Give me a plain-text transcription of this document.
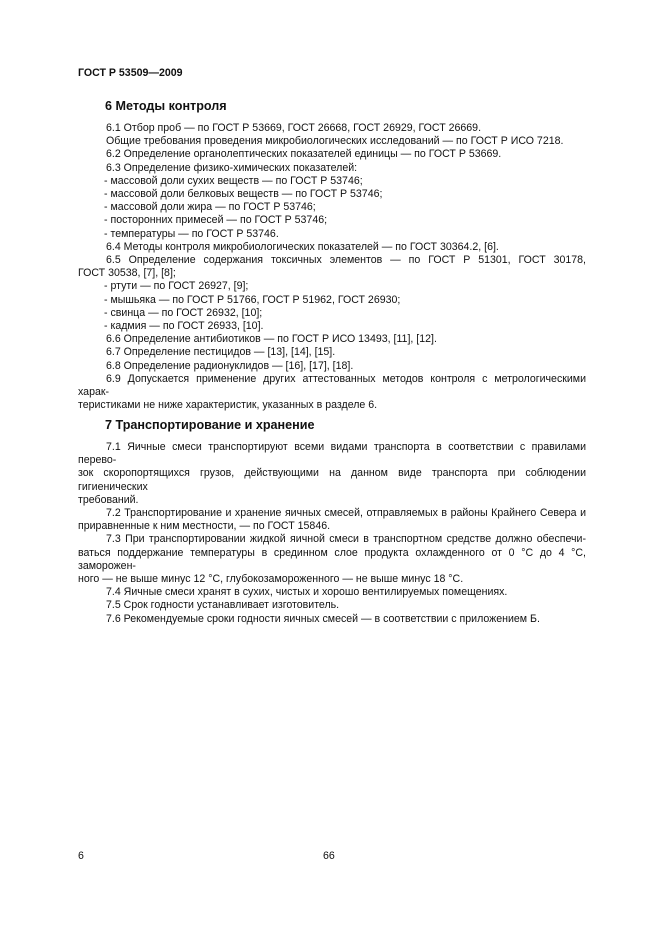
ГОСТ Р 53509—2009
6 Методы контроля

6.1 Отбор проб — по ГОСТ Р 53669, ГОСТ 26668, ГОСТ 26929, ГОСТ 26669.

Общие требования проведения микробиологических исследований — по ГОСТ Р ИСО 7218.

6.2 Определение органолептических показателей единицы — по ГОСТ Р 53669.

6.3 Определение физико-химических показателей:

- массовой доли сухих веществ — по ГОСТ Р 53746;

- массовой доли белковых веществ — по ГОСТ Р 53746;

- массовой доли жира — по ГОСТ Р 53746;

- посторонних примесей — по ГОСТ Р 53746;

- температуры — по ГОСТ Р 53746.

6.4 Методы контроля микробиологических показателей — по ГОСТ 30364.2, [6].

6.5 Определение содержания токсичных элементов — по ГОСТ Р 51301, ГОСТ 30178,

ГОСТ 30538, [7], [8];

- ртути — по ГОСТ 26927, [9];

- мышьяка — по ГОСТ Р 51766, ГОСТ Р 51962, ГОСТ 26930;

- свинца — по ГОСТ 26932, [10];

- кадмия — по ГОСТ 26933, [10].

6.6 Определение антибиотиков — по ГОСТ Р ИСО 13493, [11], [12].

6.7 Определение пестицидов — [13], [14], [15].

6.8 Определение радионуклидов — [16], [17], [18].

6.9 Допускается применение других аттестованных методов контроля с метрологическими харак-

теристиками не ниже характеристик, указанных в разделе 6.

7 Транспортирование и хранение

7.1 Яичные смеси транспортируют всеми видами транспорта в соответствии с правилами перево-

зок скоропортящихся грузов, действующими на данном виде транспорта при соблюдении гигиенических

требований.

7.2 Транспортирование и хранение яичных смесей, отправляемых в районы Крайнего Севера и

приравненные к ним местности, — по ГОСТ 15846.

7.3 При транспортировании жидкой яичной смеси в транспортном средстве должно обеспечи-

ваться поддержание температуры в срединном слое продукта охлажденного от 0 °С до 4 °С, заморожен-

ного — не выше минус 12 °С, глубокозамороженного — не выше минус 18 °С.

7.4 Яичные смеси хранят в сухих, чистых и хорошо вентилируемых помещениях.

7.5 Срок годности устанавливает изготовитель.

7.6 Рекомендуемые сроки годности яичных смесей — в соответствии с приложением Б.

6	66
